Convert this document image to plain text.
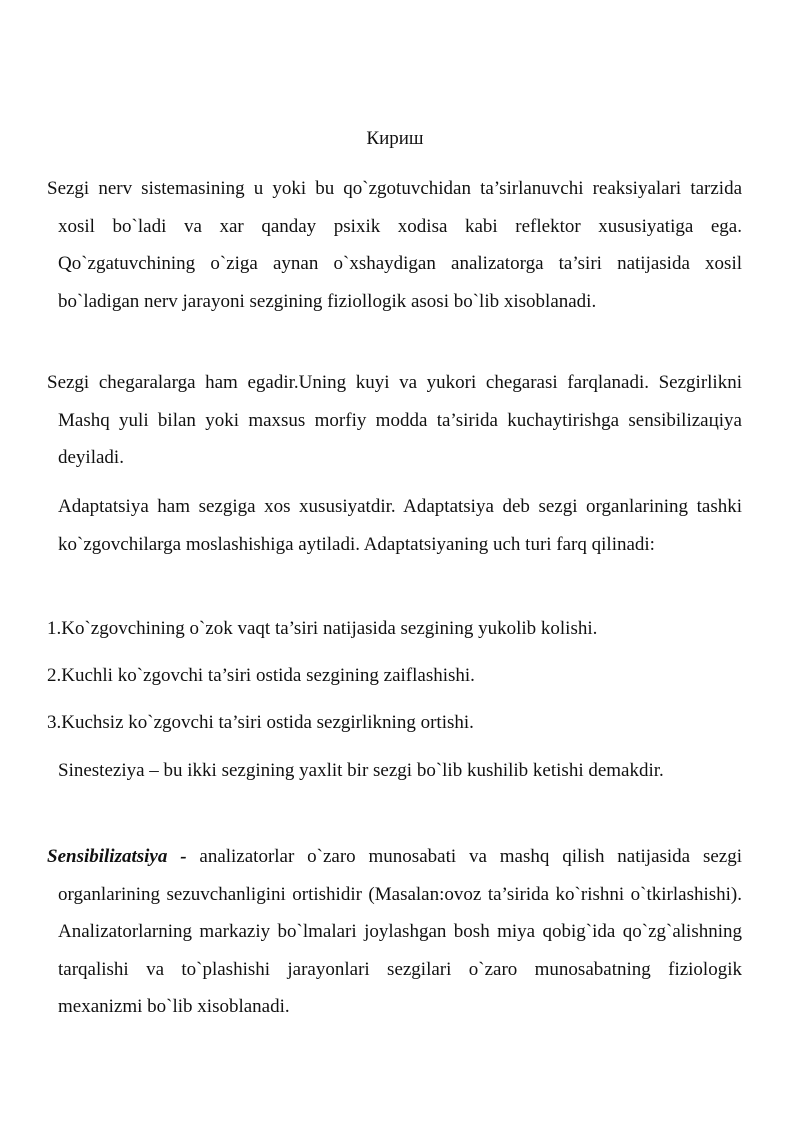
Кириш

Sezgi nerv sistemasining u yoki bu qo`zgotuvchidan ta’sirlanuvchi reaksiyalari tarzida xosil bo`ladi va xar qanday psixik xodisa kabi reflektor xususiyatiga ega. Qo`zgatuvchining o`ziga aynan o`xshaydigan analizatorga ta’siri natijasida xosil bo`ladigan nerv jarayoni sezgining fiziollogik asosi bo`lib xisoblanadi.

Sezgi chegaralarga ham egadir.Uning kuyi va yukori chegarasi farqlanadi. Sezgirlikni Mashq yuli bilan yoki maxsus morfiy modda ta’sirida kuchaytirishga sensibilizaцiya deyiladi.

Adaptatsiya ham sezgiga xos xususiyatdir. Adaptatsiya deb sezgi organlarining tashki ko`zgovchilarga moslashishiga aytiladi. Adaptatsiyaning uch turi farq qilinadi:

1.Ko`zgovchining o`zok vaqt ta’siri natijasida sezgining yukolib kolishi.
2.Kuchli ko`zgovchi ta’siri ostida sezgining zaiflashishi.
3.Kuchsiz ko`zgovchi ta’siri ostida sezgirlikning ortishi.

Sinesteziya – bu ikki sezgining yaxlit bir sezgi bo`lib kushilib ketishi demakdir.

Sensibilizatsiya - analizatorlar o`zaro munosabati va mashq qilish natijasida sezgi organlarining sezuvchanligini ortishidir (Masalan:ovoz ta’sirida ko`rishni o`tkirlashishi). Analizatorlarning markaziy bo`lmalari joylashgan bosh miya qobig`ida qo`zg`alishning tarqalishi va to`plashishi jarayonlari sezgilari o`zaro munosabatning fiziologik mexanizmi bo`lib xisoblanadi.
